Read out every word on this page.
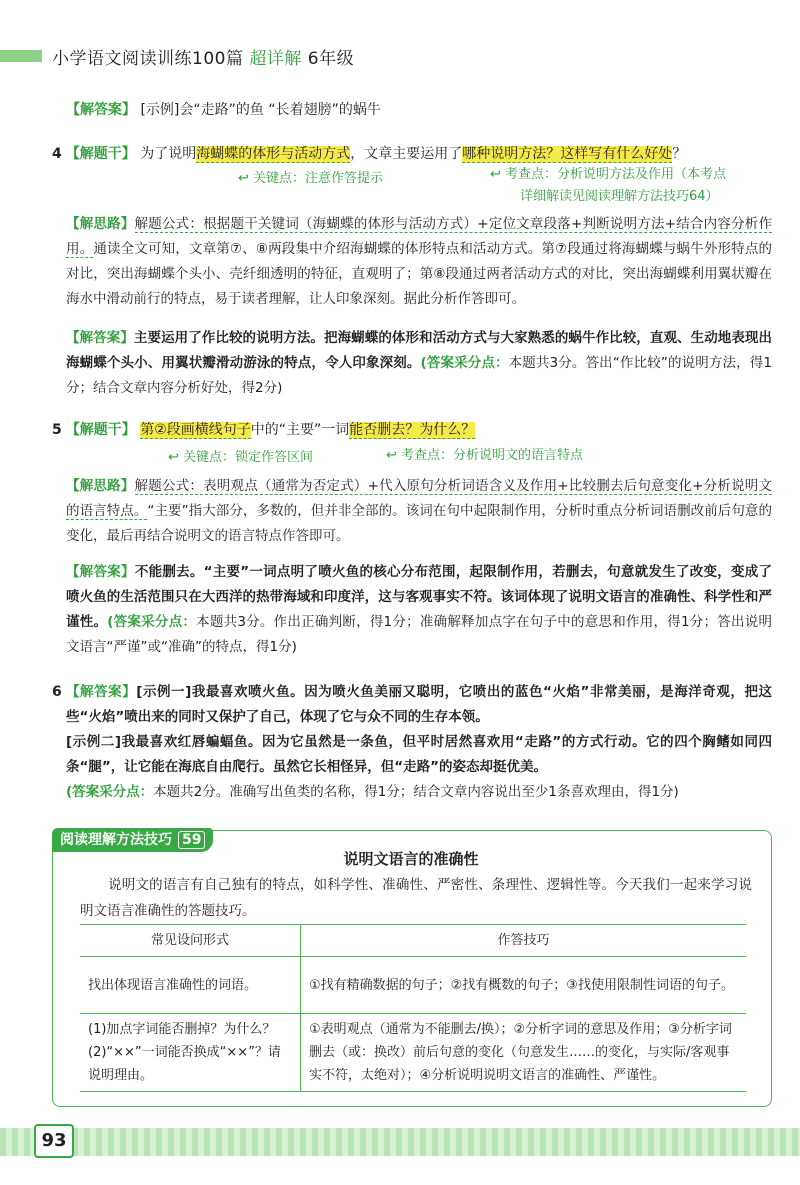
小学语文阅读训练100篇 超详解 6年级
【解答案】 [示例]会“走路”的鱼 “长着翅膀”的蜗牛
4 【解题干】 为了说明海蝴蝶的体形与活动方式，文章主要运用了哪种说明方法？这样写有什么好处？
↩ 关键点：注意作答提示	↩ 考查点：分析说明方法及作用（本考点
详细解读见阅读理解方法技巧64）
【解思路】解题公式：根据题干关键词（海蝴蝶的体形与活动方式）+定位文章段落+判断说明方法+结合内容分析作用。通读全文可知，文章第⑦、⑧两段集中介绍海蝴蝶的体形特点和活动方式。第⑦段通过将海蝴蝶与蜗牛外形特点的对比，突出海蝴蝶个头小、壳纤细透明的特征，直观明了；第⑧段通过两者活动方式的对比，突出海蝴蝶利用翼状瓣在海水中滑动前行的特点，易于读者理解，让人印象深刻。据此分析作答即可。
【解答案】主要运用了作比较的说明方法。把海蝴蝶的体形和活动方式与大家熟悉的蜗牛作比较，直观、生动地表现出海蝴蝶个头小、用翼状瓣滑动游泳的特点，令人印象深刻。(答案采分点：本题共3分。答出“作比较”的说明方法，得1分；结合文章内容分析好处，得2分)
5 【解题干】 第②段画横线句子中的“主要”一词能否删去？为什么？
↩ 关键点：锁定作答区间	↩ 考查点：分析说明文的语言特点
【解思路】解题公式：表明观点（通常为否定式）+代入原句分析词语含义及作用+比较删去后句意变化+分析说明文的语言特点。“主要”指大部分，多数的，但并非全部的。该词在句中起限制作用，分析时重点分析词语删改前后句意的变化，最后再结合说明文的语言特点作答即可。
【解答案】不能删去。“主要”一词点明了喷火鱼的核心分布范围，起限制作用，若删去，句意就发生了改变，变成了喷火鱼的生活范围只在大西洋的热带海域和印度洋，这与客观事实不符。该词体现了说明文语言的准确性、科学性和严谨性。(答案采分点：本题共3分。作出正确判断，得1分；准确解释加点字在句子中的意思和作用，得1分；答出说明文语言“严谨”或“准确”的特点，得1分)
6 【解答案】[示例一]我最喜欢喷火鱼。因为喷火鱼美丽又聪明，它喷出的蓝色“火焰”非常美丽，是海洋奇观，把这些“火焰”喷出来的同时又保护了自己，体现了它与众不同的生存本领。
[示例二]我最喜欢红唇蝙蝠鱼。因为它虽然是一条鱼，但平时居然喜欢用“走路”的方式行动。它的四个胸鳍如同四条“腿”，让它能在海底自由爬行。虽然它长相怪异，但“走路”的姿态却挺优美。
(答案采分点：本题共2分。准确写出鱼类的名称，得1分；结合文章内容说出至少1条喜欢理由，得1分)
阅读理解方法技巧 59
说明文语言的准确性
说明文的语言有自己独有的特点，如科学性、准确性、严密性、条理性、逻辑性等。今天我们一起来学习说明文语言准确性的答题技巧。
常见设问形式	作答技巧
找出体现语言准确性的词语。	①找有精确数据的句子；②找有概数的句子；③找使用限制性词语的句子。
(1)加点字词能否删掉？为什么？
(2)“××”一词能否换成“××”？请说明理由。	①表明观点（通常为不能删去/换）；②分析字词的意思及作用；③分析字词删去（或：换改）前后句意的变化（句意发生……的变化，与实际/客观事实不符，太绝对）；④分析说明说明文语言的准确性、严谨性。
93
